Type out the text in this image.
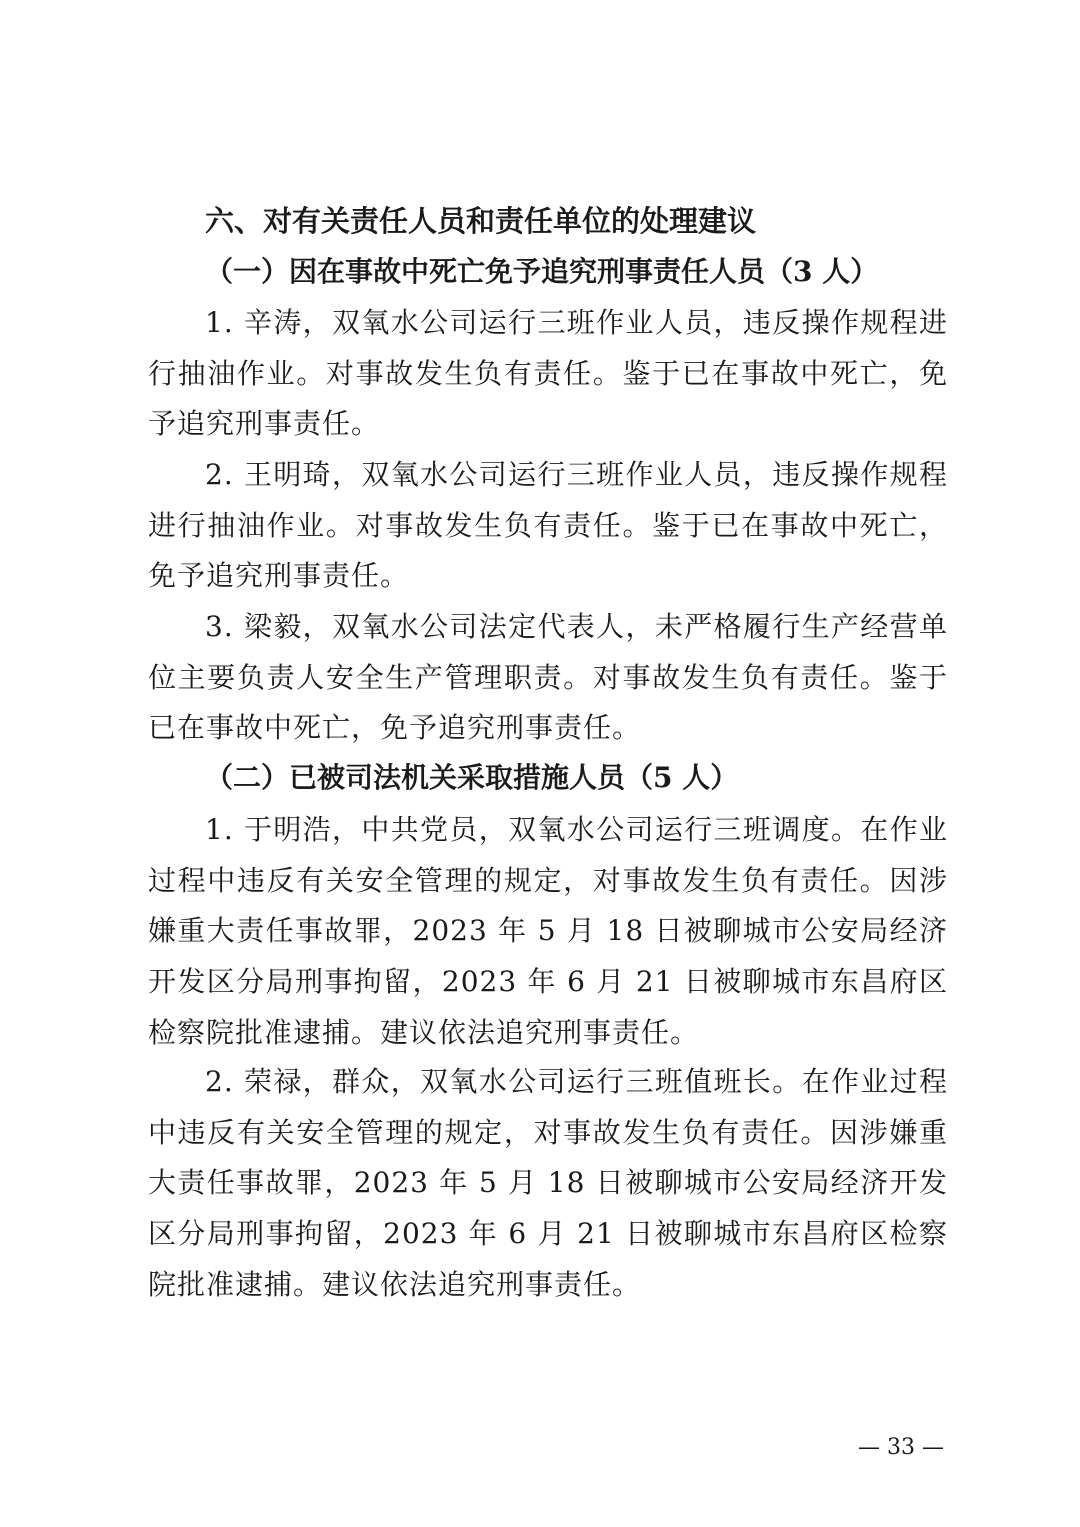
六、对有关责任人员和责任单位的处理建议
（一）因在事故中死亡免予追究刑事责任人员（3 人）

1. 辛涛，双氧水公司运行三班作业人员，违反操作规程进行抽油作业。对事故发生负有责任。鉴于已在事故中死亡，免予追究刑事责任。

2. 王明琦，双氧水公司运行三班作业人员，违反操作规程进行抽油作业。对事故发生负有责任。鉴于已在事故中死亡，免予追究刑事责任。

3. 梁毅，双氧水公司法定代表人，未严格履行生产经营单位主要负责人安全生产管理职责。对事故发生负有责任。鉴于已在事故中死亡，免予追究刑事责任。

（二）已被司法机关采取措施人员（5 人）

1. 于明浩，中共党员，双氧水公司运行三班调度。在作业过程中违反有关安全管理的规定，对事故发生负有责任。因涉嫌重大责任事故罪，2023 年 5 月 18 日被聊城市公安局经济开发区分局刑事拘留，2023 年 6 月 21 日被聊城市东昌府区检察院批准逮捕。建议依法追究刑事责任。

2. 荣禄，群众，双氧水公司运行三班值班长。在作业过程中违反有关安全管理的规定，对事故发生负有责任。因涉嫌重大责任事故罪，2023 年 5 月 18 日被聊城市公安局经济开发区分局刑事拘留，2023 年 6 月 21 日被聊城市东昌府区检察院批准逮捕。建议依法追究刑事责任。

— 33 —
